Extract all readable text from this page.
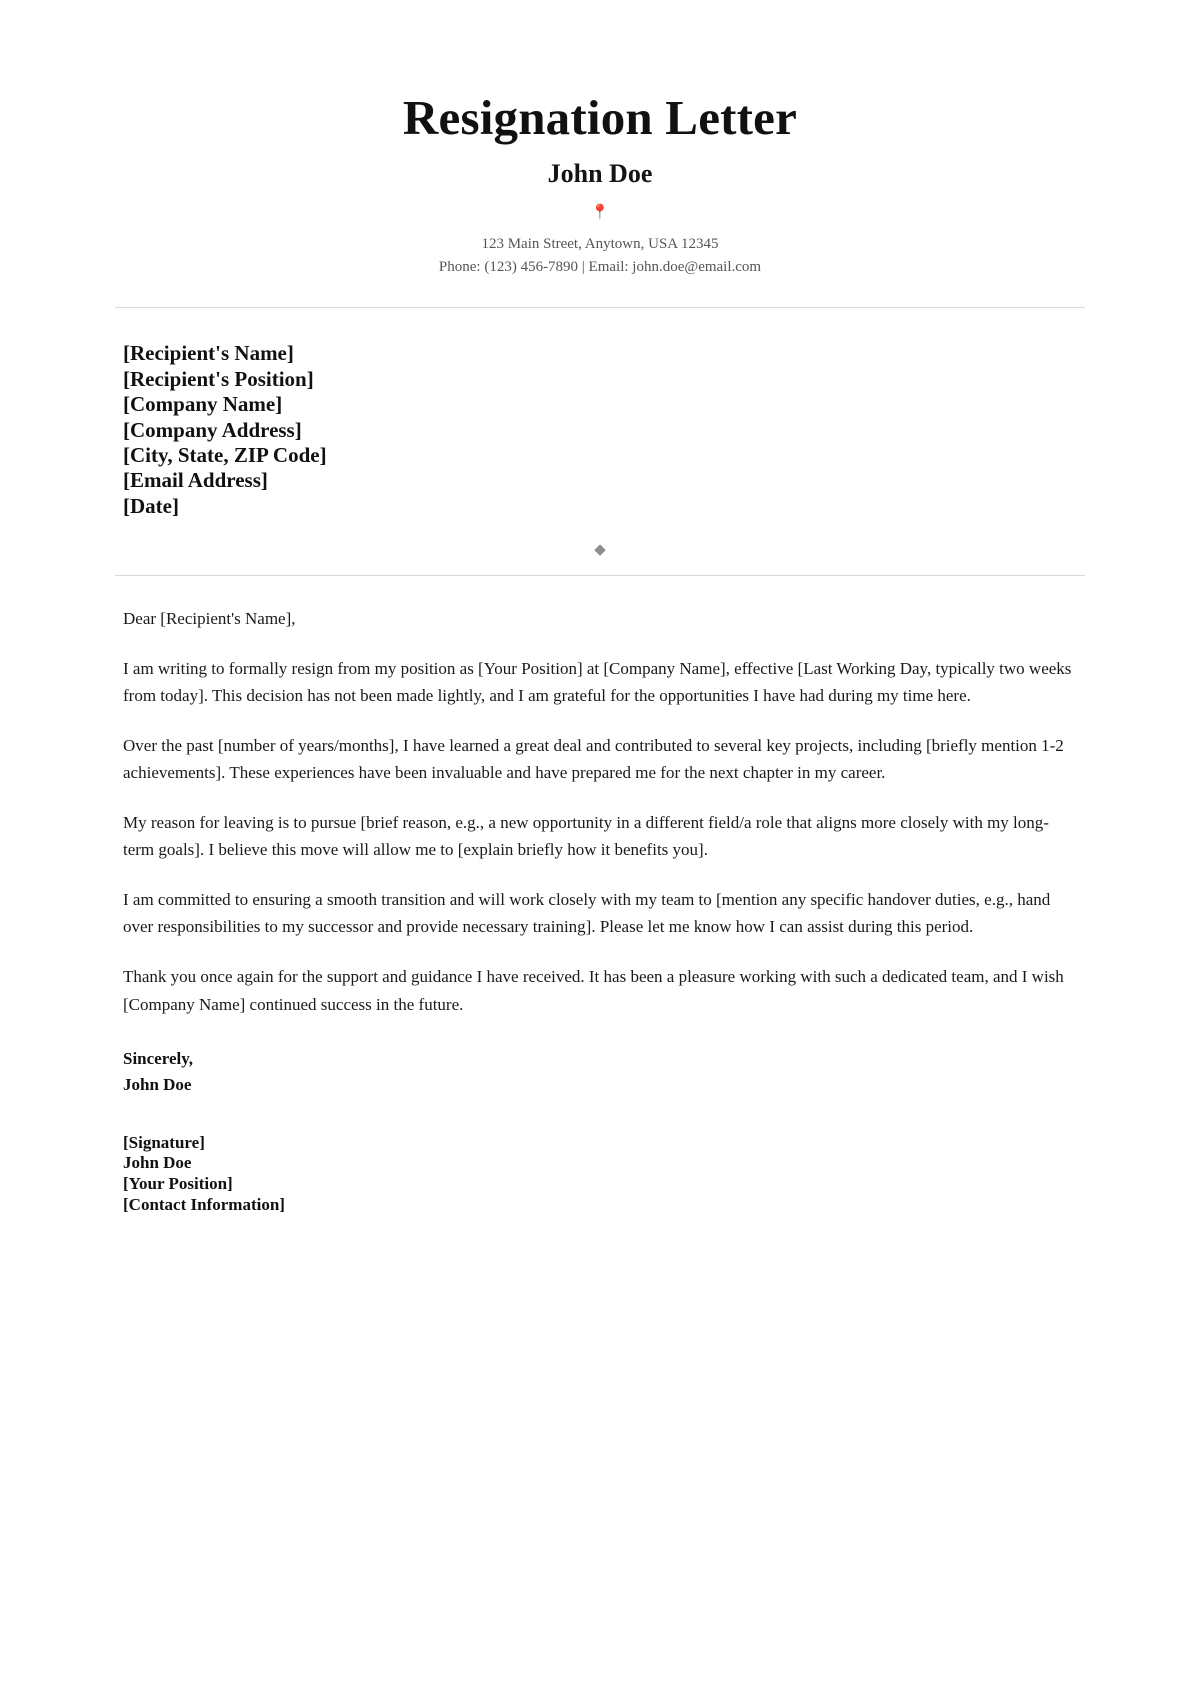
Resignation Letter
John Doe
📍
123 Main Street, Anytown, USA 12345
Phone: (123) 456-7890 | Email: john.doe@email.com
[Recipient's Name]
[Recipient's Position]
[Company Name]
[Company Address]
[City, State, ZIP Code]
[Email Address]
[Date]
◆

Dear [Recipient's Name],

I am writing to formally resign from my position as [Your Position] at [Company Name], effective [Last Working Day, typically two weeks from today]. This decision has not been made lightly, and I am grateful for the opportunities I have had during my time here.

Over the past [number of years/months], I have learned a great deal and contributed to several key projects, including [briefly mention 1-2 achievements]. These experiences have been invaluable and have prepared me for the next chapter in my career.

My reason for leaving is to pursue [brief reason, e.g., a new opportunity in a different field/a role that aligns more closely with my long-term goals]. I believe this move will allow me to [explain briefly how it benefits you].

I am committed to ensuring a smooth transition and will work closely with my team to [mention any specific handover duties, e.g., hand over responsibilities to my successor and provide necessary training]. Please let me know how I can assist during this period.

Thank you once again for the support and guidance I have received. It has been a pleasure working with such a dedicated team, and I wish [Company Name] continued success in the future.

Sincerely,
John Doe
[Signature]
John Doe
[Your Position]
[Contact Information]
